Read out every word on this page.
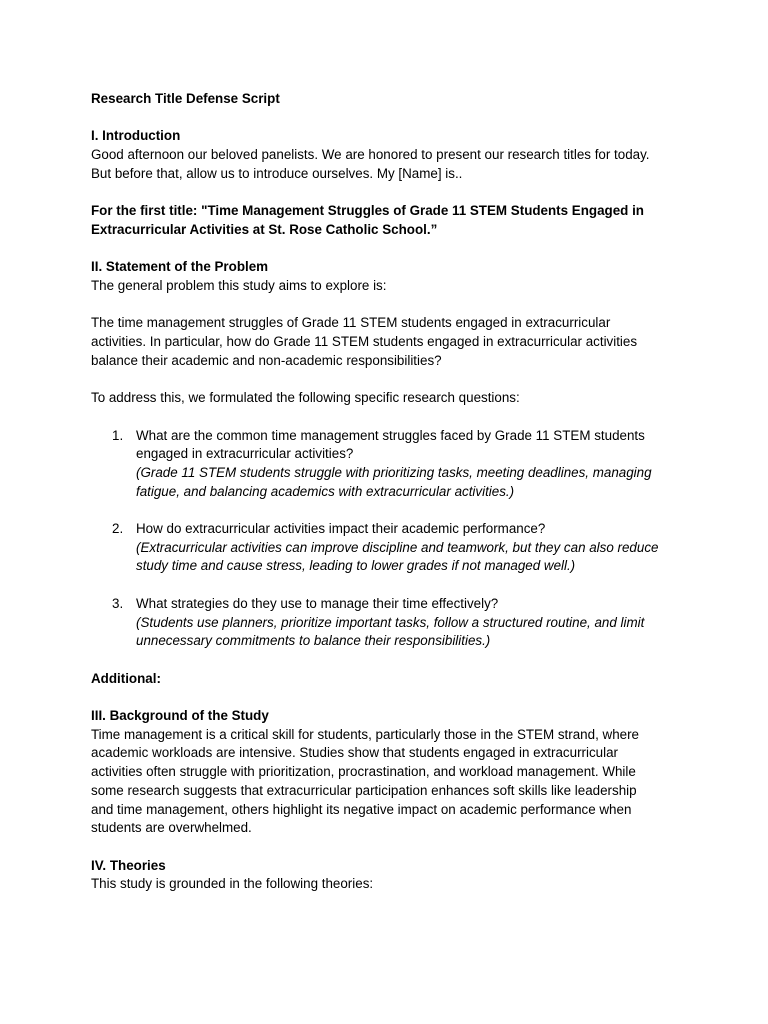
Research Title Defense Script

I. Introduction

Good afternoon our beloved panelists. We are honored to present our research titles for today.

But before that, allow us to introduce ourselves. My [Name] is..

For the first title: "Time Management Struggles of Grade 11 STEM Students Engaged in

Extracurricular Activities at St. Rose Catholic School.”

II. Statement of the Problem

The general problem this study aims to explore is:

The time management struggles of Grade 11 STEM students engaged in extracurricular

activities. In particular, how do Grade 11 STEM students engaged in extracurricular activities

balance their academic and non-academic responsibilities?

To address this, we formulated the following specific research questions:

1. What are the common time management struggles faced by Grade 11 STEM students

engaged in extracurricular activities?

(Grade 11 STEM students struggle with prioritizing tasks, meeting deadlines, managing

fatigue, and balancing academics with extracurricular activities.)

2. How do extracurricular activities impact their academic performance?

(Extracurricular activities can improve discipline and teamwork, but they can also reduce

study time and cause stress, leading to lower grades if not managed well.)

3. What strategies do they use to manage their time effectively?

(Students use planners, prioritize important tasks, follow a structured routine, and limit

unnecessary commitments to balance their responsibilities.)

Additional:

III. Background of the Study

Time management is a critical skill for students, particularly those in the STEM strand, where

academic workloads are intensive. Studies show that students engaged in extracurricular

activities often struggle with prioritization, procrastination, and workload management. While

some research suggests that extracurricular participation enhances soft skills like leadership

and time management, others highlight its negative impact on academic performance when

students are overwhelmed.

IV. Theories

This study is grounded in the following theories:
